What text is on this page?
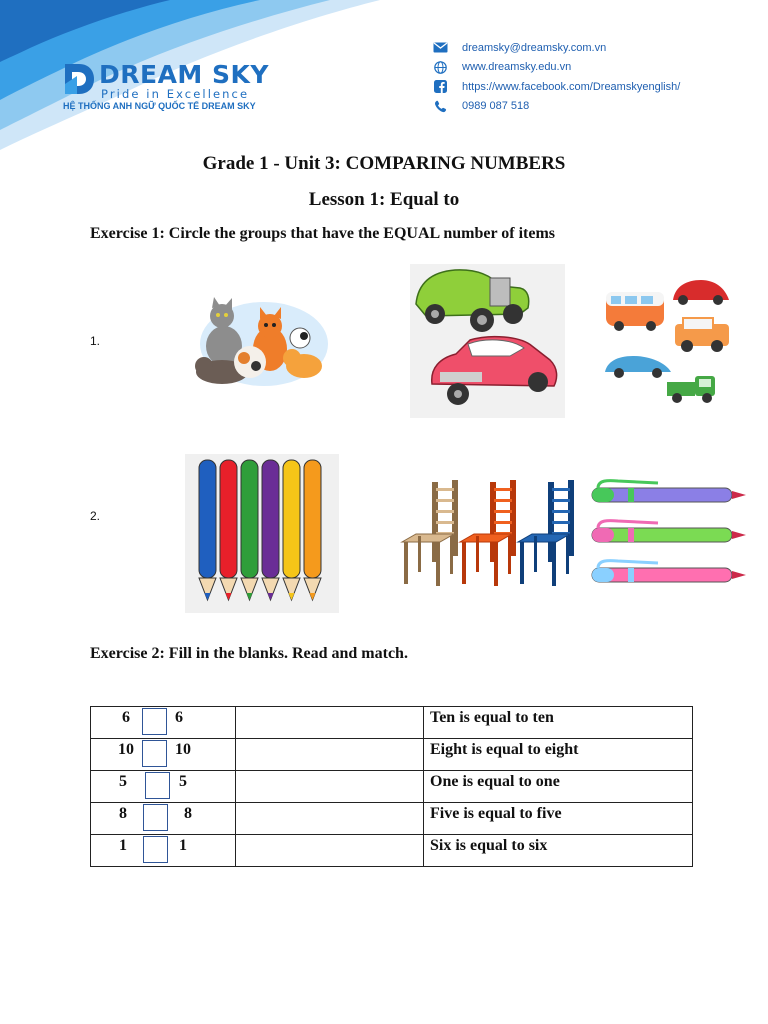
DREAM SKY
Pride in Excellence
HỆ THỐNG ANH NGỮ QUỐC TẾ DREAM SKY
dreamsky@dreamsky.com.vn
www.dreamsky.edu.vn
https://www.facebook.com/Dreamskyenglish/
0989 087 518
Grade 1 - Unit 3: COMPARING NUMBERS
Lesson 1: Equal to
Exercise 1: Circle the groups that have the EQUAL number of items
1.
2.
Exercise 2: Fill in the blanks. Read and match.
6 6		Ten is equal to ten

10 10		Eight is equal to eight

5 5		One is equal to one

8 8		Five is equal to five

1 1		Six is equal to six
